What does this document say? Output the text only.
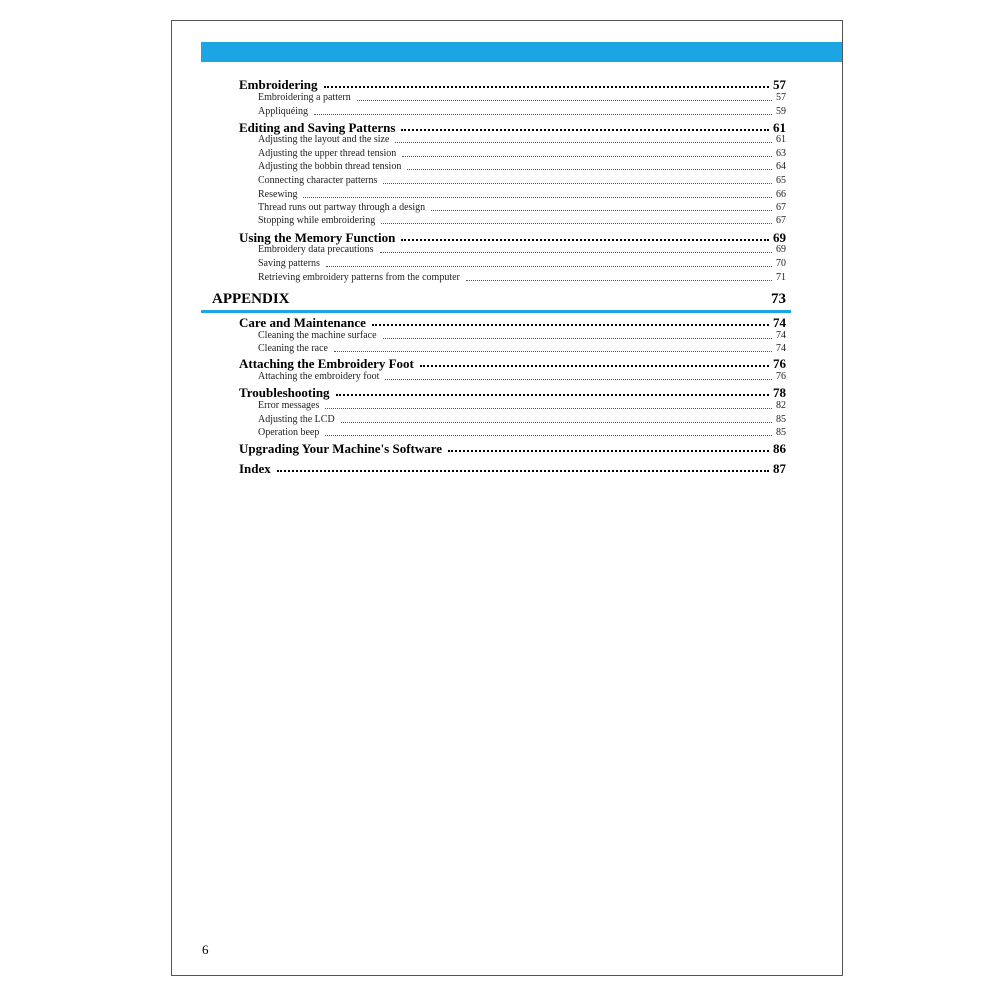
Embroidering	57
Embroidering a pattern	57
Appliquéing	59
Editing and Saving Patterns	61
Adjusting the layout and the size	61
Adjusting the upper thread tension	63
Adjusting the bobbin thread tension	64
Connecting character patterns	65
Resewing	66
Thread runs out partway through a design	67
Stopping while embroidering	67
Using the Memory Function	69
Embroidery data precautions	69
Saving patterns	70
Retrieving embroidery patterns from the computer	71
APPENDIX	73
Care and Maintenance	74
Cleaning the machine surface	74
Cleaning the race	74
Attaching the Embroidery Foot	76
Attaching the embroidery foot	76
Troubleshooting	78
Error messages	82
Adjusting the LCD	85
Operation beep	85
Upgrading Your Machine's Software	86
Index	87
6
